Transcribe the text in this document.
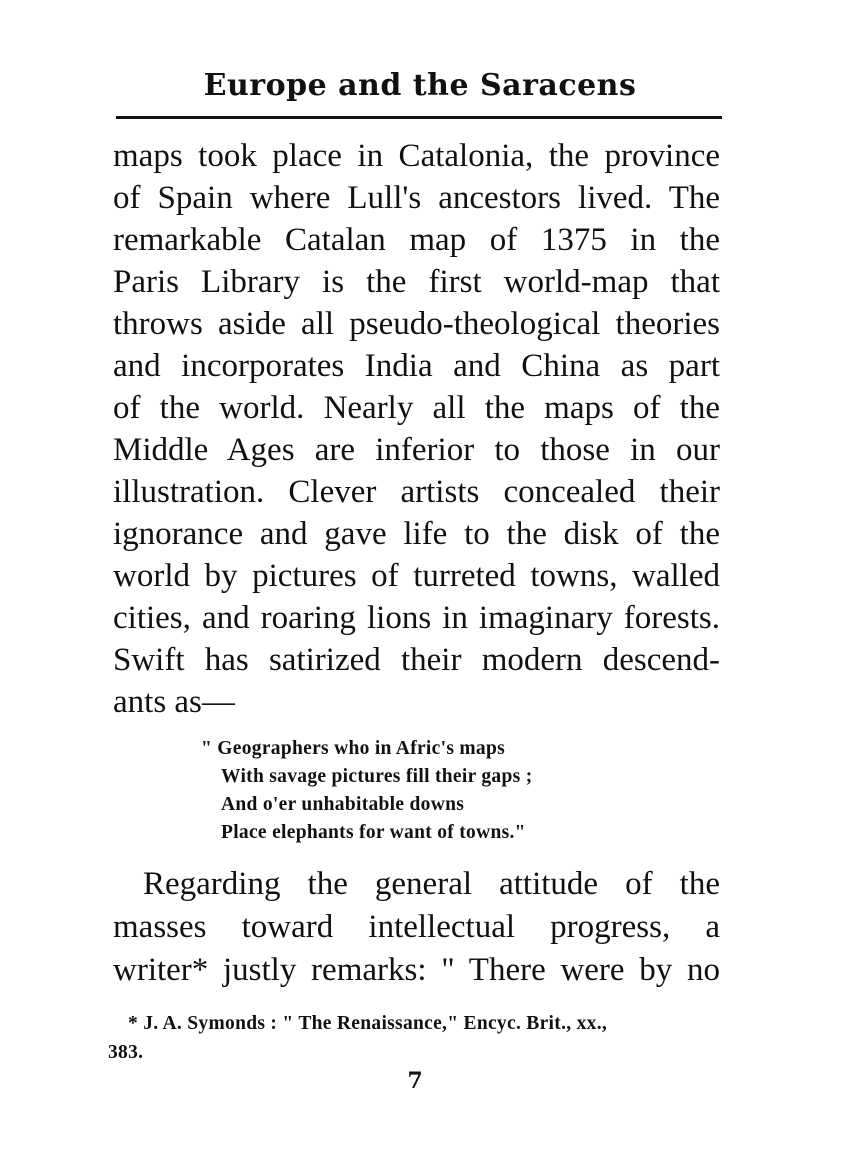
Europe and the Saracens
maps took place in Catalonia, the province
of Spain where Lull's ancestors lived. The
remarkable Catalan map of 1375 in the
Paris Library is the first world-map that
throws aside all pseudo-theological theories
and incorporates India and China as part
of the world. Nearly all the maps of the
Middle Ages are inferior to those in our
illustration. Clever artists concealed their
ignorance and gave life to the disk of the
world by pictures of turreted towns, walled
cities, and roaring lions in imaginary forests.
Swift has satirized their modern descend-
ants as—
" Geographers who in Afric's maps
With savage pictures fill their gaps ;
And o'er unhabitable downs
Place elephants for want of towns."
Regarding the general attitude of the
masses toward intellectual progress, a
writer* justly remarks: " There were by no
* J. A. Symonds : " The Renaissance," Encyc. Brit., xx.,
383.
7
